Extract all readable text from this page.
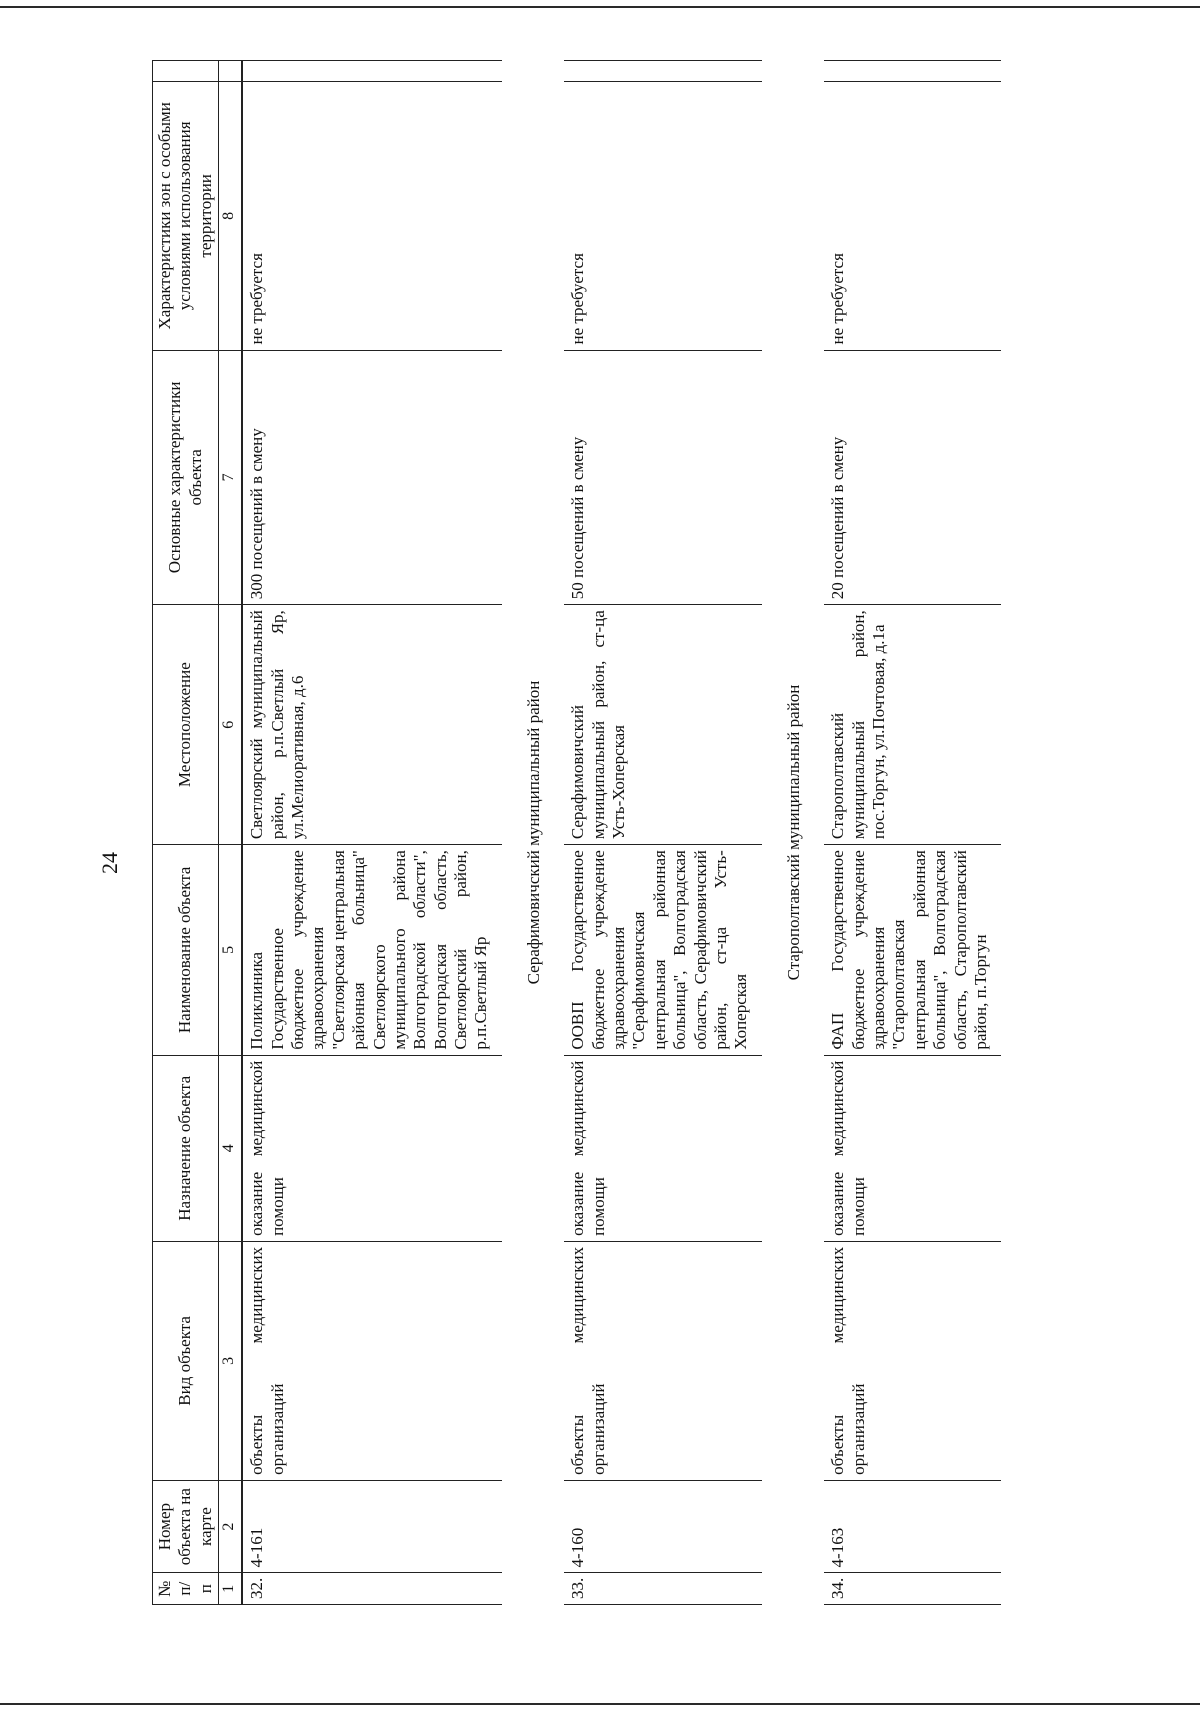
24
№ п/п	Номер объекта на карте	Вид объекта	Назначение объекта	Наименование объекта	Местоположение	Основные характеристики объекта	Характеристики зон с особыми условиями использования территории	
1	2	3	4	5	6	7	8	
32.	4-161	объекты медицинских организаций	оказание медицинской помощи	Поликлиника Государственное бюджетное учреждение здравоохранения "Светлоярская центральная районная больница" Светлоярского муниципального района Волгоградской области", Волгоградская область, Светлоярский район, р.п.Светлый Яр	Светлоярский муниципальный район, р.п.Светлый Яр, ул.Мелиоративная, д.6	300 посещений в смену	не требуется	
Серафимовичский муниципальный район								
33.	4-160	объекты медицинских организаций	оказание медицинской помощи	ООВП Государственное бюджетное учреждение здравоохранения "Серафимовичская центральная районная больница", Волгоградская область, Серафимовичский район, ст-ца Усть-Хоперская	Серафимовичский муниципальный район, ст-ца Усть-Хоперская	50 посещений в смену	не требуется	
Старополтавский муниципальный район								
34.	4-163	объекты медицинских организаций	оказание медицинской помощи	ФАП Государственное бюджетное учреждение здравоохранения "Старополтавская центральная районная больница", Волгоградская область, Старополтавский район, п.Торгун	Старополтавский муниципальный район, пос.Торгун, ул.Почтовая, д.1а	20 посещений в смену	не требуется	
